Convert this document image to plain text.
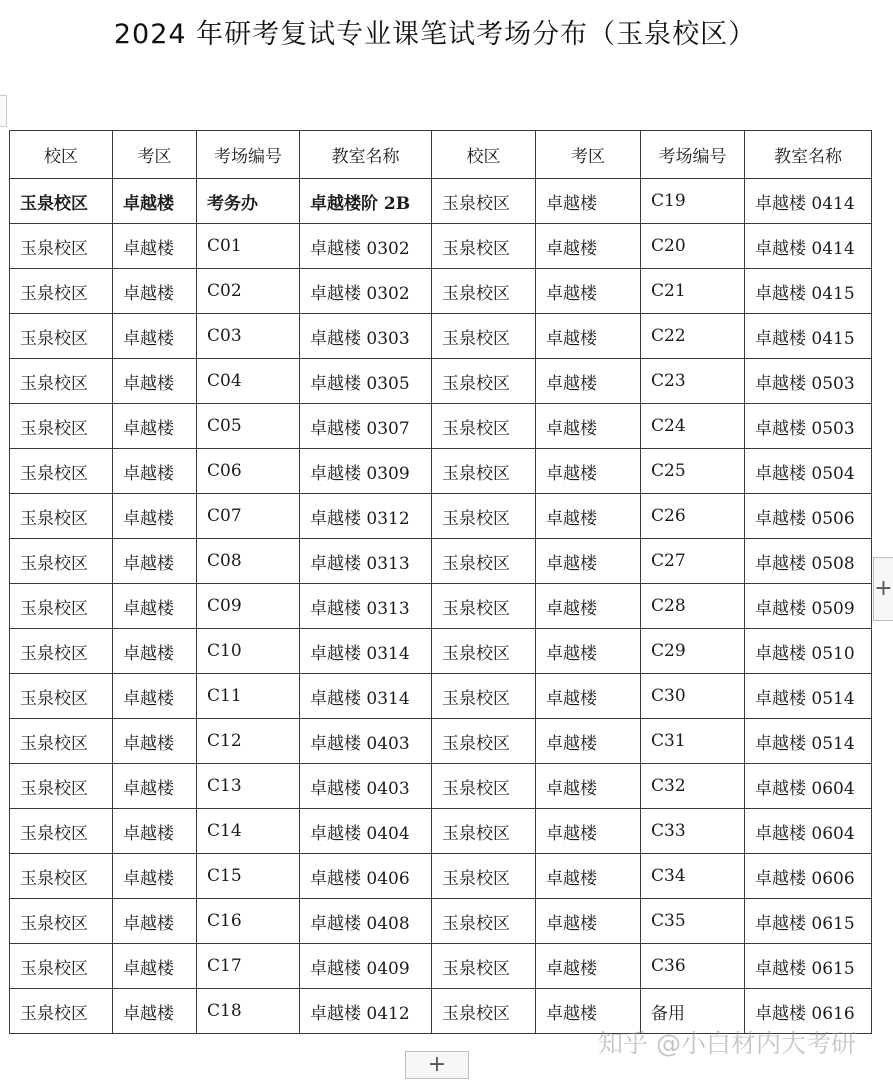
2024 年研考复试专业课笔试考场分布（玉泉校区）
校区	考区	考场编号	教室名称	校区	考区	考场编号	教室名称
玉泉校区	卓越楼	考务办	卓越楼阶 2B	玉泉校区	卓越楼	C19	卓越楼 0414
玉泉校区	卓越楼	C01	卓越楼 0302	玉泉校区	卓越楼	C20	卓越楼 0414
玉泉校区	卓越楼	C02	卓越楼 0302	玉泉校区	卓越楼	C21	卓越楼 0415
玉泉校区	卓越楼	C03	卓越楼 0303	玉泉校区	卓越楼	C22	卓越楼 0415
玉泉校区	卓越楼	C04	卓越楼 0305	玉泉校区	卓越楼	C23	卓越楼 0503
玉泉校区	卓越楼	C05	卓越楼 0307	玉泉校区	卓越楼	C24	卓越楼 0503
玉泉校区	卓越楼	C06	卓越楼 0309	玉泉校区	卓越楼	C25	卓越楼 0504
玉泉校区	卓越楼	C07	卓越楼 0312	玉泉校区	卓越楼	C26	卓越楼 0506
玉泉校区	卓越楼	C08	卓越楼 0313	玉泉校区	卓越楼	C27	卓越楼 0508
玉泉校区	卓越楼	C09	卓越楼 0313	玉泉校区	卓越楼	C28	卓越楼 0509
玉泉校区	卓越楼	C10	卓越楼 0314	玉泉校区	卓越楼	C29	卓越楼 0510
玉泉校区	卓越楼	C11	卓越楼 0314	玉泉校区	卓越楼	C30	卓越楼 0514
玉泉校区	卓越楼	C12	卓越楼 0403	玉泉校区	卓越楼	C31	卓越楼 0514
玉泉校区	卓越楼	C13	卓越楼 0403	玉泉校区	卓越楼	C32	卓越楼 0604
玉泉校区	卓越楼	C14	卓越楼 0404	玉泉校区	卓越楼	C33	卓越楼 0604
玉泉校区	卓越楼	C15	卓越楼 0406	玉泉校区	卓越楼	C34	卓越楼 0606
玉泉校区	卓越楼	C16	卓越楼 0408	玉泉校区	卓越楼	C35	卓越楼 0615
玉泉校区	卓越楼	C17	卓越楼 0409	玉泉校区	卓越楼	C36	卓越楼 0615
玉泉校区	卓越楼	C18	卓越楼 0412	玉泉校区	卓越楼	备用	卓越楼 0616
+
+
知乎 @小白材内大考研
